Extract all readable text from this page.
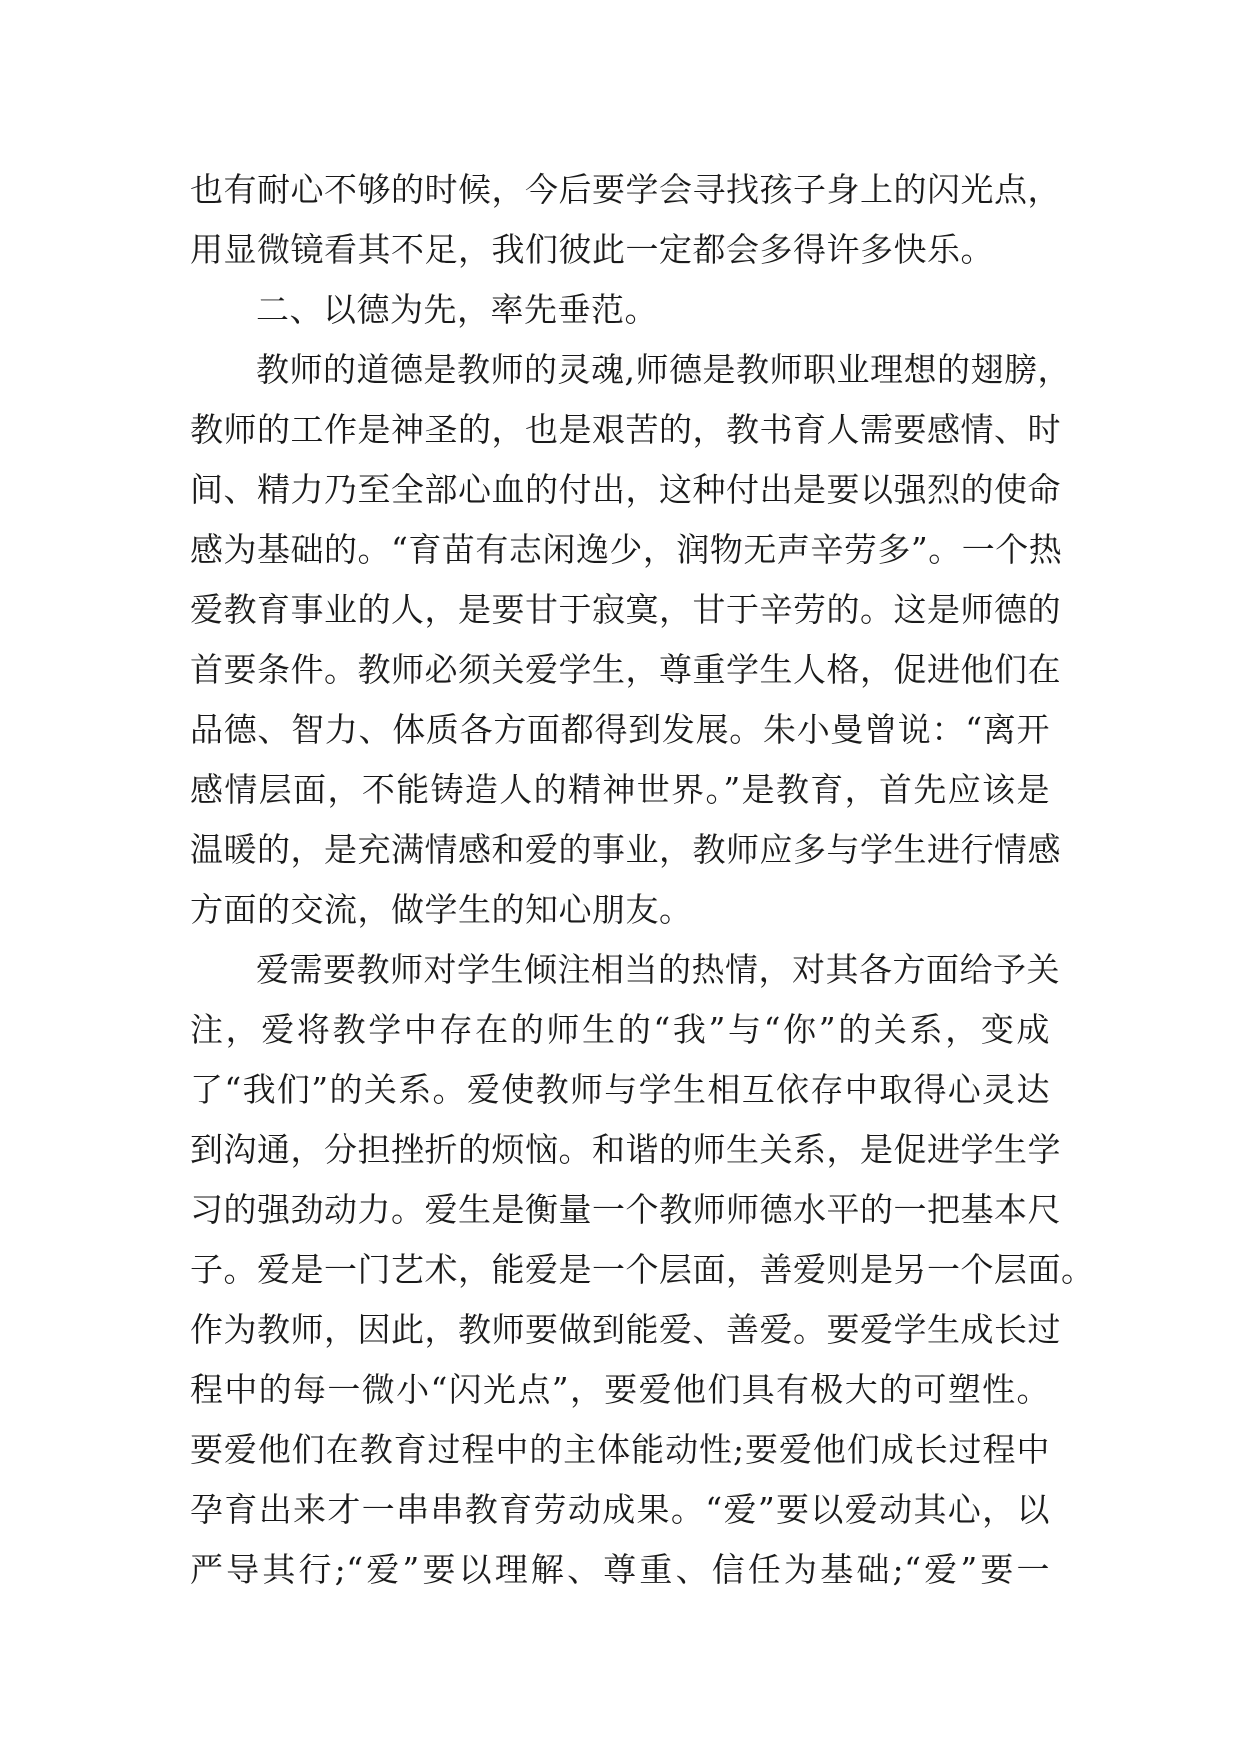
也有耐心不够的时候，今后要学会寻找孩子身上的闪光点，
用显微镜看其不足，我们彼此一定都会多得许多快乐。
二、以德为先，率先垂范。
教师的道德是教师的灵魂,师德是教师职业理想的翅膀，
教师的工作是神圣的，也是艰苦的，教书育人需要感情、时
间、精力乃至全部心血的付出，这种付出是要以强烈的使命
感为基础的。“育苗有志闲逸少，润物无声辛劳多”。一个热
爱教育事业的人，是要甘于寂寞，甘于辛劳的。这是师德的
首要条件。教师必须关爱学生，尊重学生人格，促进他们在
品德、智力、体质各方面都得到发展。朱小曼曾说：“离开
感情层面，不能铸造人的精神世界。”是教育，首先应该是
温暖的，是充满情感和爱的事业，教师应多与学生进行情感
方面的交流，做学生的知心朋友。
爱需要教师对学生倾注相当的热情，对其各方面给予关
注，爱将教学中存在的师生的“我”与“你”的关系，变成
了“我们”的关系。爱使教师与学生相互依存中取得心灵达
到沟通，分担挫折的烦恼。和谐的师生关系，是促进学生学
习的强劲动力。爱生是衡量一个教师师德水平的一把基本尺
子。爱是一门艺术，能爱是一个层面，善爱则是另一个层面。
作为教师，因此，教师要做到能爱、善爱。要爱学生成长过
程中的每一微小“闪光点”，要爱他们具有极大的可塑性。
要爱他们在教育过程中的主体能动性;要爱他们成长过程中
孕育出来才一串串教育劳动成果。“爱”要以爱动其心，以
严导其行;“爱”要以理解、尊重、信任为基础;“爱”要一
